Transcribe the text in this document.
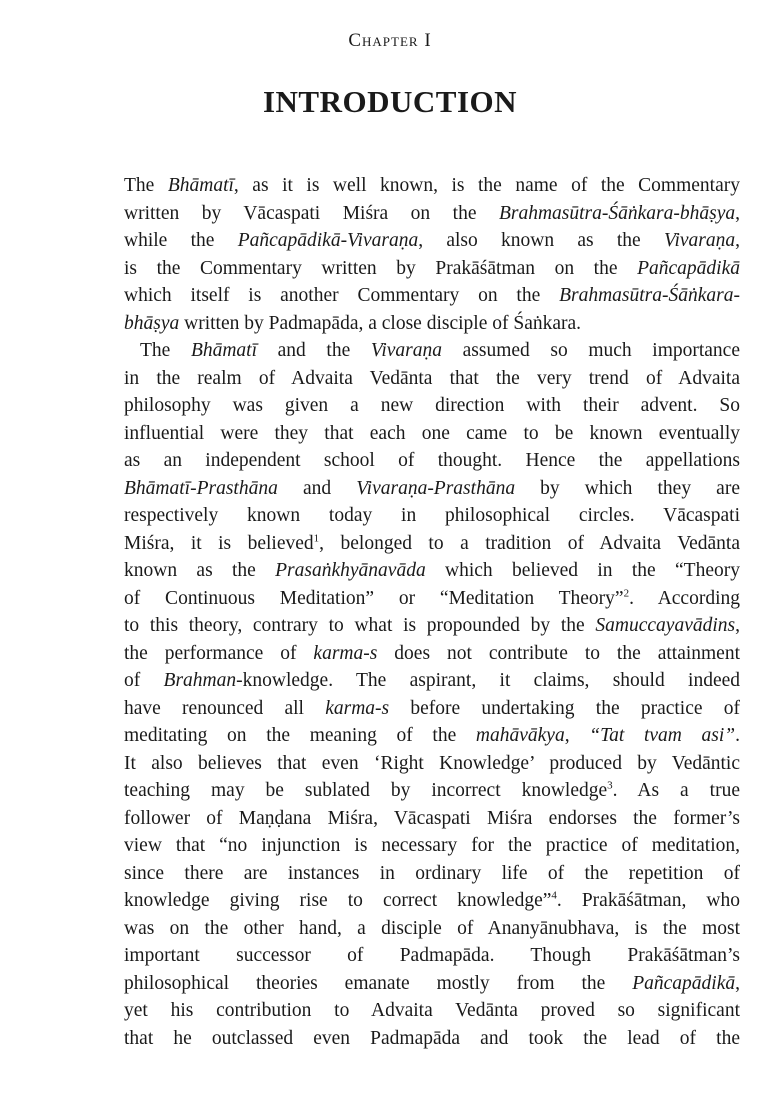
Chapter I
INTRODUCTION
The Bhāmatī, as it is well known, is the name of the Commentary
written by Vācaspati Miśra on the Brahmasūtra-Śāṅkara-bhāṣya,
while the Pañcapādikā-Vivaraṇa, also known as the Vivaraṇa,
is the Commentary written by Prakāśātman on the Pañcapādikā
which itself is another Commentary on the Brahmasūtra-Śāṅkara-
bhāṣya written by Padmapāda, a close disciple of Śaṅkara.
The Bhāmatī and the Vivaraṇa assumed so much importance
in the realm of Advaita Vedānta that the very trend of Advaita
philosophy was given a new direction with their advent. So
influential were they that each one came to be known eventually
as an independent school of thought. Hence the appellations
Bhāmatī-Prasthāna and Vivaraṇa-Prasthāna by which they are
respectively known today in philosophical circles. Vācaspati
Miśra, it is believed$^1$, belonged to a tradition of Advaita Vedānta
known as the Prasaṅkhyānavāda which believed in the “Theory
of Continuous Meditation” or “Meditation Theory”$^2$. According
to this theory, contrary to what is propounded by the Samuccayavādins,
the performance of karma-s does not contribute to the attainment
of Brahman-knowledge. The aspirant, it claims, should indeed
have renounced all karma-s before undertaking the practice of
meditating on the meaning of the mahāvākya, “Tat tvam asi”.
It also believes that even ‘Right Knowledge’ produced by Vedāntic
teaching may be sublated by incorrect knowledge$^3$. As a true
follower of Maṇḍana Miśra, Vācaspati Miśra endorses the former’s
view that “no injunction is necessary for the practice of meditation,
since there are instances in ordinary life of the repetition of
knowledge giving rise to correct knowledge”$^4$. Prakāśātman, who
was on the other hand, a disciple of Ananyānubhava, is the most
important successor of Padmapāda. Though Prakāśātman’s
philosophical theories emanate mostly from the Pañcapādikā,
yet his contribution to Advaita Vedānta proved so significant
that he outclassed even Padmapāda and took the lead of the
